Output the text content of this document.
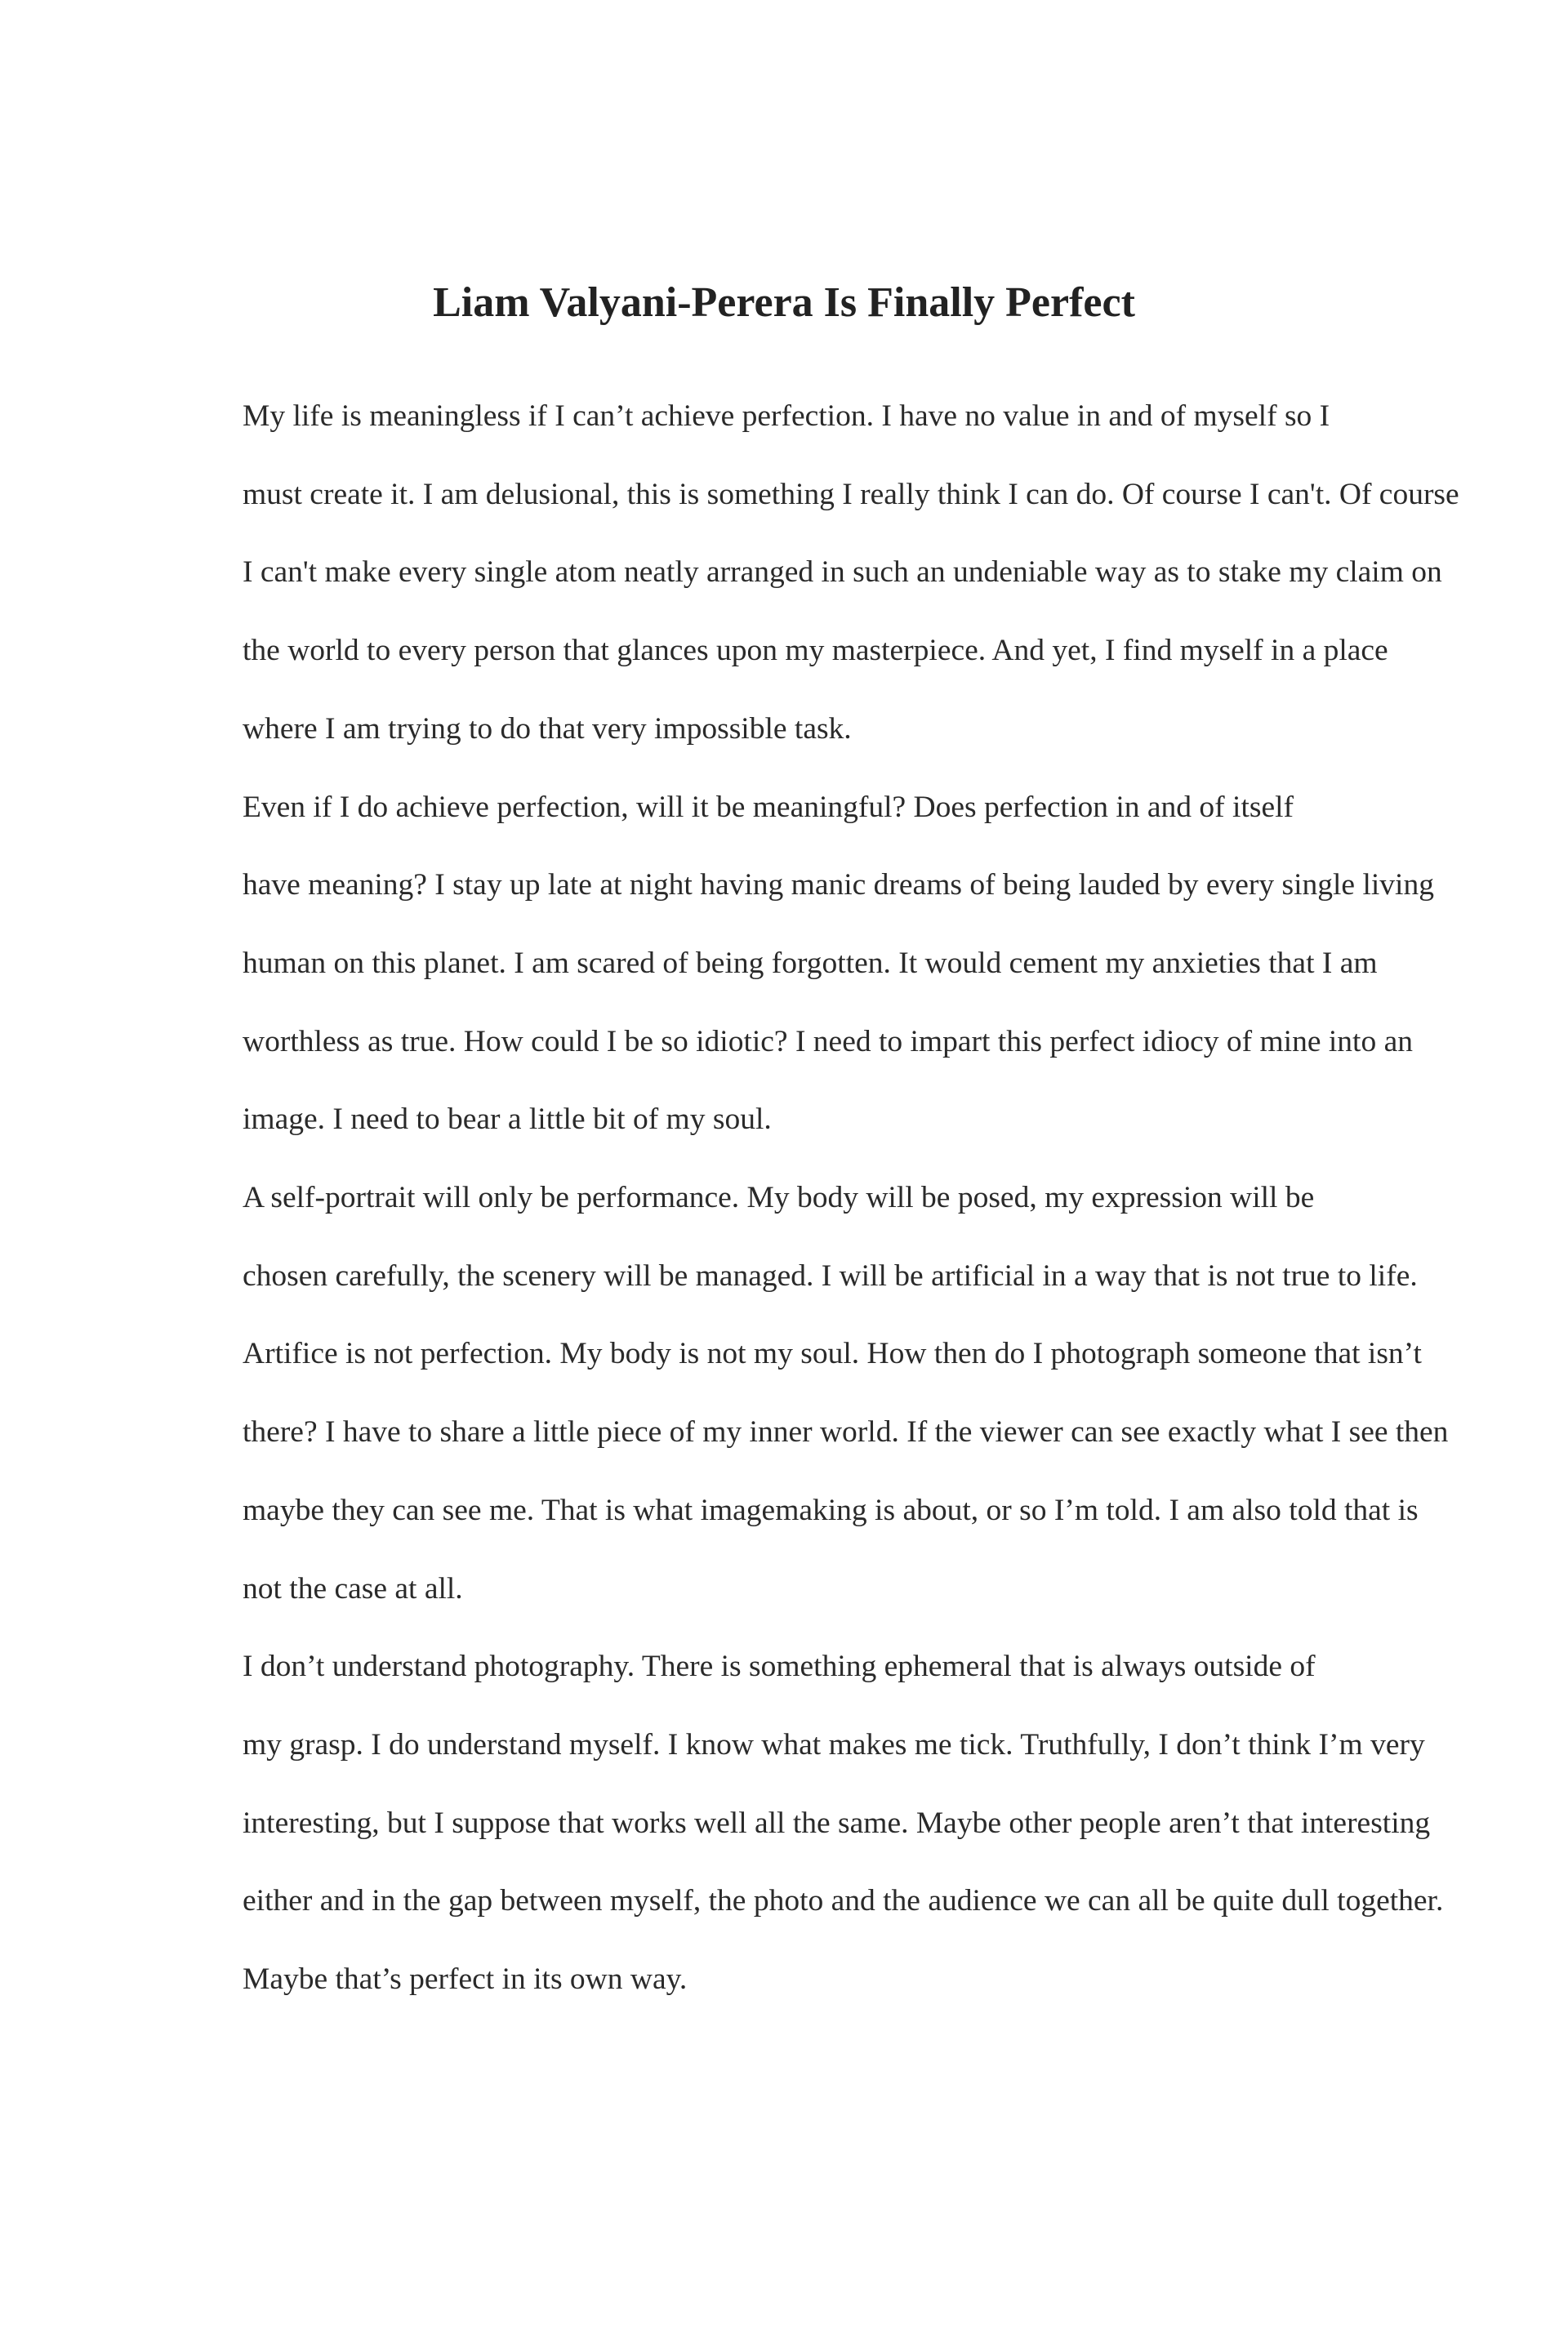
Liam Valyani-Perera Is Finally Perfect

My life is meaningless if I can’t achieve perfection. I have no value in and of myself so I
must create it. I am delusional, this is something I really think I can do. Of course I can't. Of course
I can't make every single atom neatly arranged in such an undeniable way as to stake my claim on
the world to every person that glances upon my masterpiece. And yet, I find myself in a place
where I am trying to do that very impossible task.

Even if I do achieve perfection, will it be meaningful? Does perfection in and of itself
have meaning? I stay up late at night having manic dreams of being lauded by every single living
human on this planet. I am scared of being forgotten. It would cement my anxieties that I am
worthless as true. How could I be so idiotic? I need to impart this perfect idiocy of mine into an
image. I need to bear a little bit of my soul.

A self-portrait will only be performance. My body will be posed, my expression will be
chosen carefully, the scenery will be managed. I will be artificial in a way that is not true to life.
Artifice is not perfection. My body is not my soul. How then do I photograph someone that isn’t
there? I have to share a little piece of my inner world. If the viewer can see exactly what I see then
maybe they can see me. That is what imagemaking is about, or so I’m told. I am also told that is
not the case at all.

I don’t understand photography. There is something ephemeral that is always outside of
my grasp. I do understand myself. I know what makes me tick. Truthfully, I don’t think I’m very
interesting, but I suppose that works well all the same. Maybe other people aren’t that interesting
either and in the gap between myself, the photo and the audience we can all be quite dull together.
Maybe that’s perfect in its own way.
